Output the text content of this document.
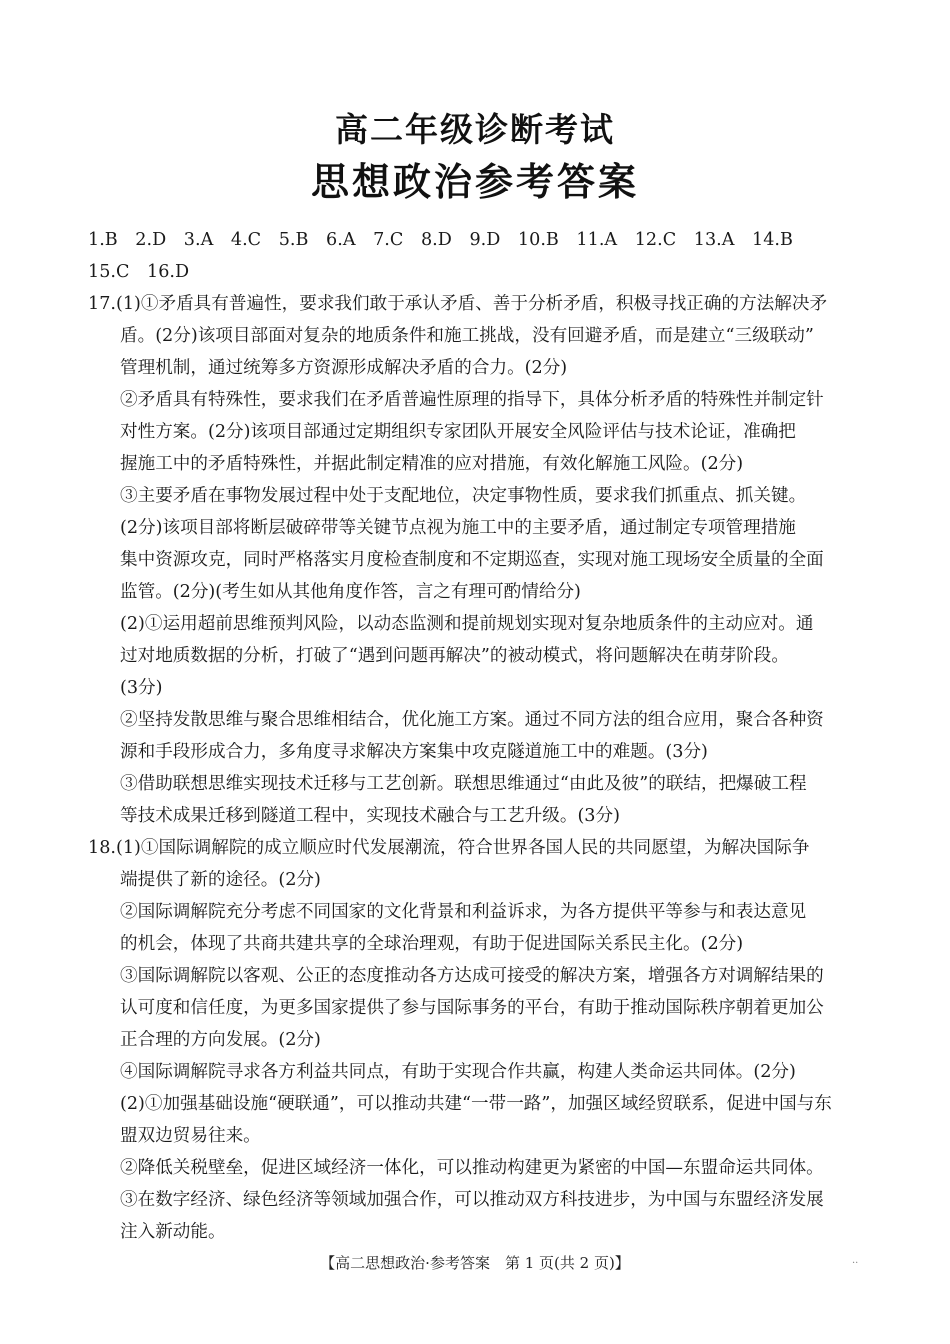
高二年级诊断考试
思想政治参考答案
1.B　2.D　3.A　4.C　5.B　6.A　7.C　8.D　9.D　10.B　11.A　12.C　13.A　14.B
15.C　16.D
17.(1)①矛盾具有普遍性，要求我们敢于承认矛盾、善于分析矛盾，积极寻找正确的方法解决矛
盾。(2分)该项目部面对复杂的地质条件和施工挑战，没有回避矛盾，而是建立“三级联动”
管理机制，通过统筹多方资源形成解决矛盾的合力。(2分)
②矛盾具有特殊性，要求我们在矛盾普遍性原理的指导下，具体分析矛盾的特殊性并制定针
对性方案。(2分)该项目部通过定期组织专家团队开展安全风险评估与技术论证，准确把
握施工中的矛盾特殊性，并据此制定精准的应对措施，有效化解施工风险。(2分)
③主要矛盾在事物发展过程中处于支配地位，决定事物性质，要求我们抓重点、抓关键。
(2分)该项目部将断层破碎带等关键节点视为施工中的主要矛盾，通过制定专项管理措施
集中资源攻克，同时严格落实月度检查制度和不定期巡查，实现对施工现场安全质量的全面
监管。(2分)(考生如从其他角度作答，言之有理可酌情给分)
(2)①运用超前思维预判风险，以动态监测和提前规划实现对复杂地质条件的主动应对。通
过对地质数据的分析，打破了“遇到问题再解决”的被动模式，将问题解决在萌芽阶段。
(3分)
②坚持发散思维与聚合思维相结合，优化施工方案。通过不同方法的组合应用，聚合各种资
源和手段形成合力，多角度寻求解决方案集中攻克隧道施工中的难题。(3分)
③借助联想思维实现技术迁移与工艺创新。联想思维通过“由此及彼”的联结，把爆破工程
等技术成果迁移到隧道工程中，实现技术融合与工艺升级。(3分)
18.(1)①国际调解院的成立顺应时代发展潮流，符合世界各国人民的共同愿望，为解决国际争
端提供了新的途径。(2分)
②国际调解院充分考虑不同国家的文化背景和利益诉求，为各方提供平等参与和表达意见
的机会，体现了共商共建共享的全球治理观，有助于促进国际关系民主化。(2分)
③国际调解院以客观、公正的态度推动各方达成可接受的解决方案，增强各方对调解结果的
认可度和信任度，为更多国家提供了参与国际事务的平台，有助于推动国际秩序朝着更加公
正合理的方向发展。(2分)
④国际调解院寻求各方利益共同点，有助于实现合作共赢，构建人类命运共同体。(2分)
(2)①加强基础设施“硬联通”，可以推动共建“一带一路”，加强区域经贸联系，促进中国与东
盟双边贸易往来。
②降低关税壁垒，促进区域经济一体化，可以推动构建更为紧密的中国—东盟命运共同体。
③在数字经济、绿色经济等领域加强合作，可以推动双方科技进步，为中国与东盟经济发展
注入新动能。
【高二思想政治·参考答案　第 1 页(共 2 页)】	··
